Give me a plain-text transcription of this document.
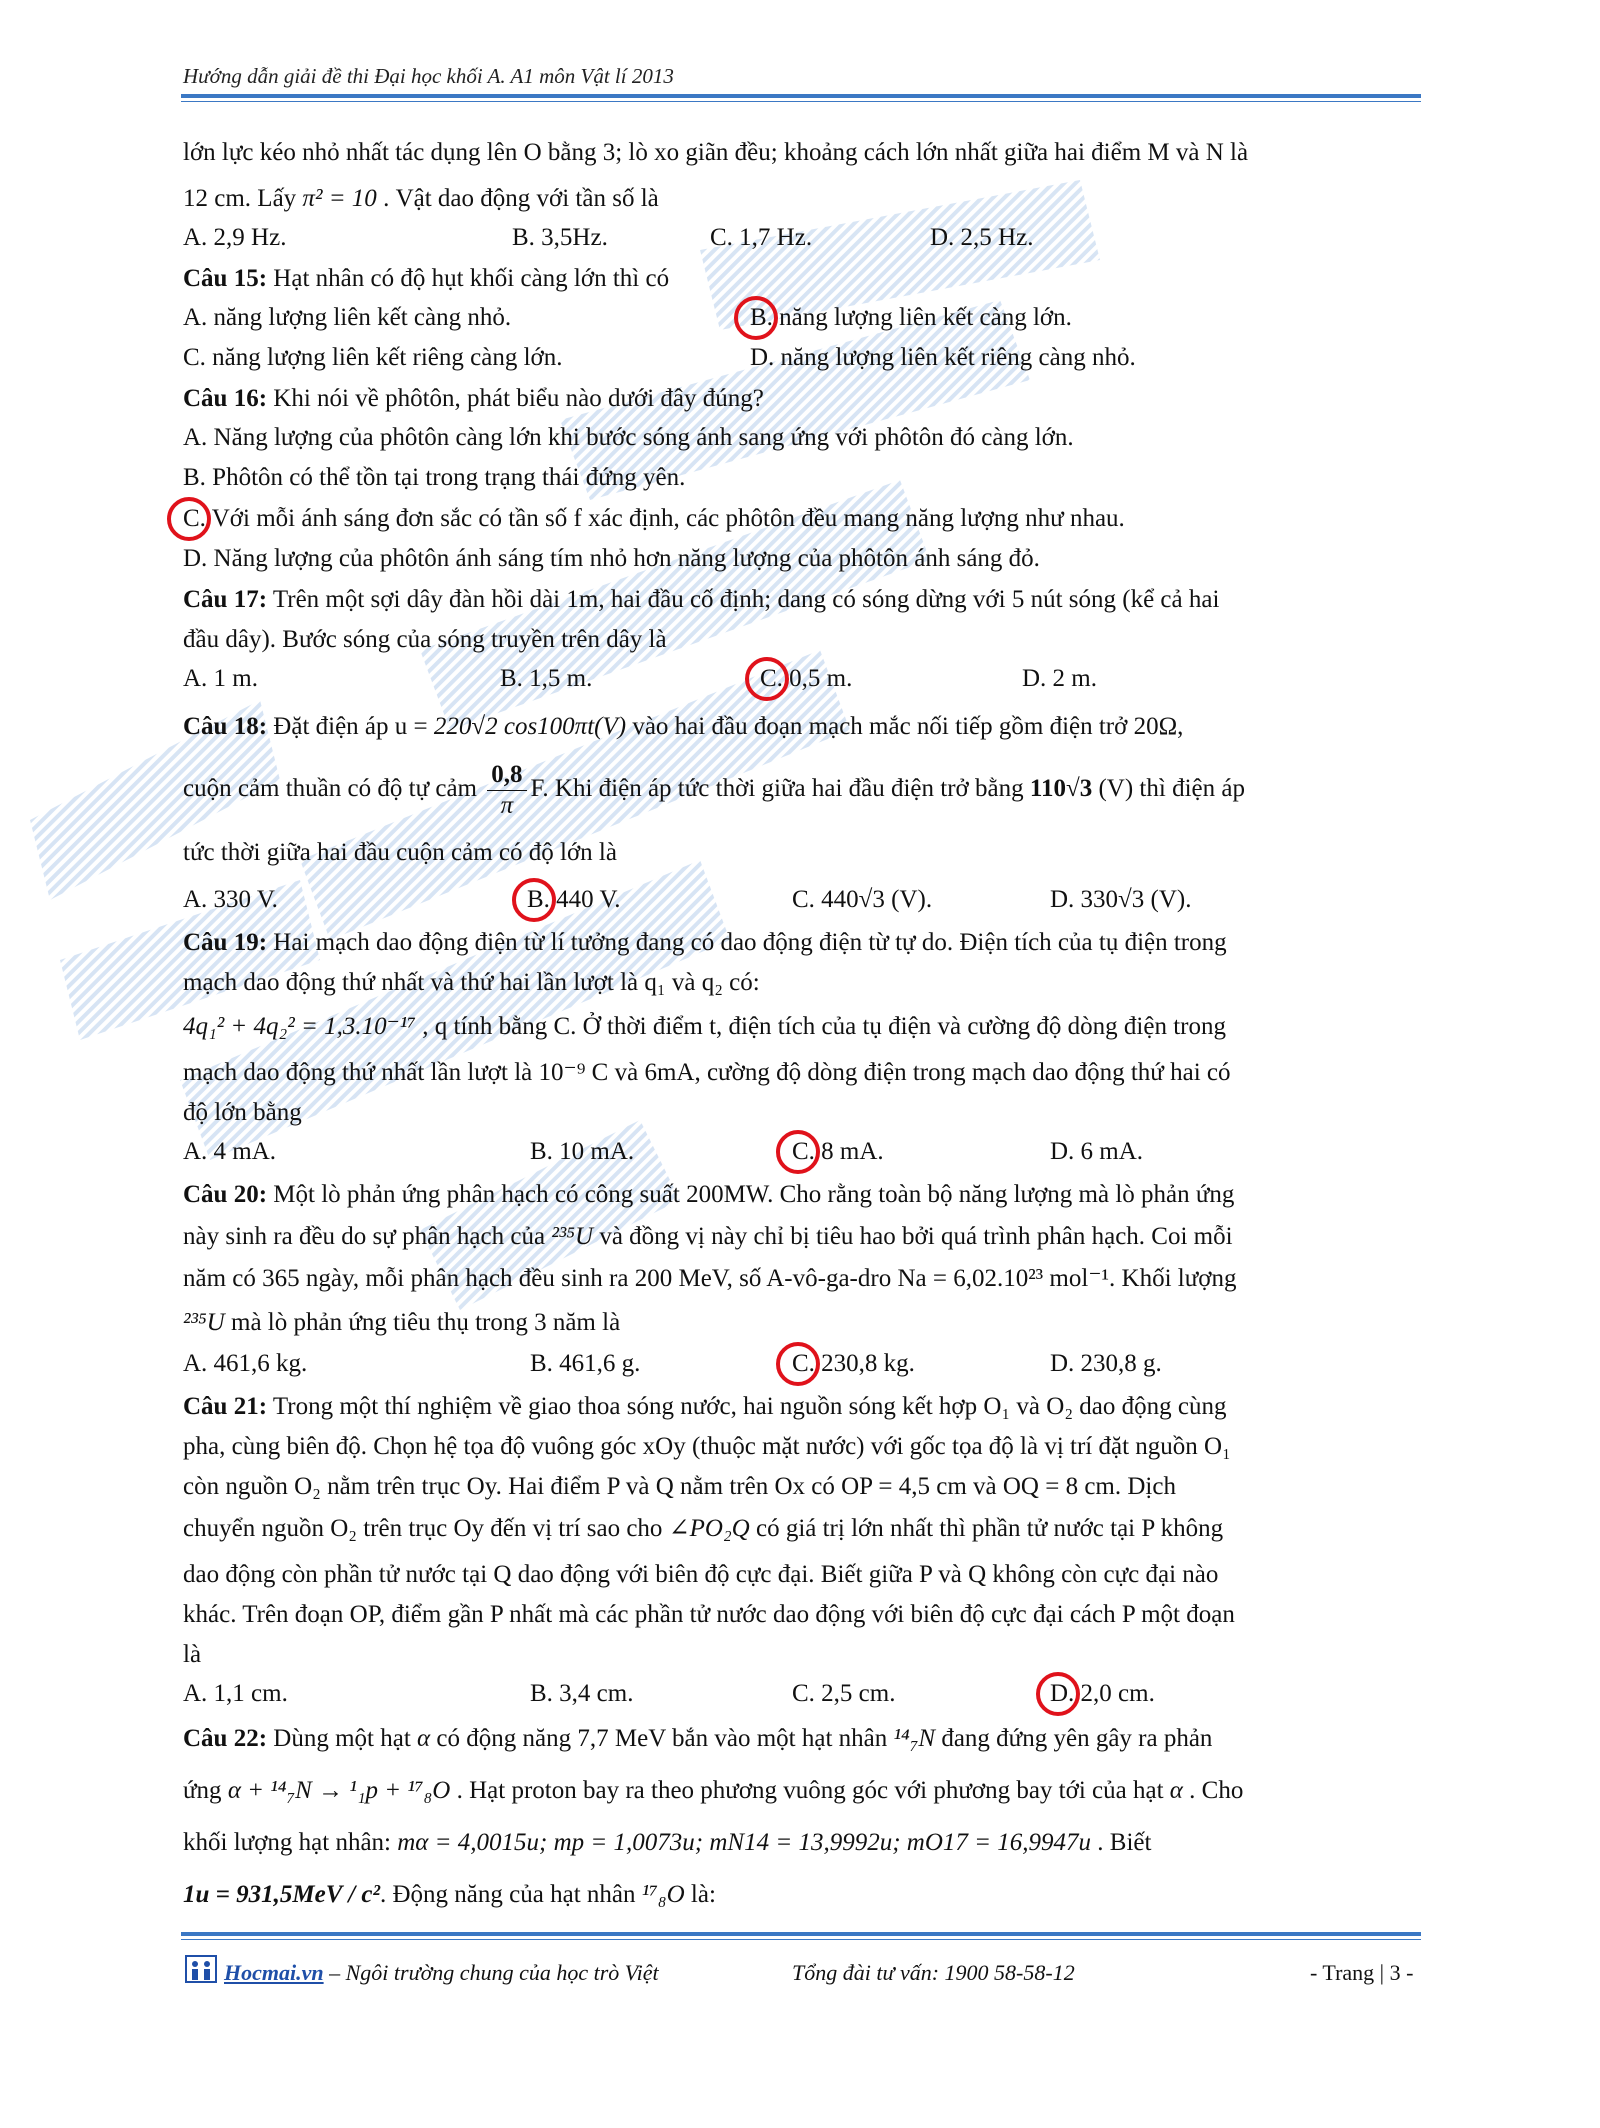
Hướng dẫn giải đề thi Đại học khối A. A1 môn Vật lí 2013
lớn lực kéo nhỏ nhất tác dụng lên O bằng 3; lò xo giãn đều; khoảng cách lớn nhất giữa hai điểm M và N là
12 cm. Lấy π² = 10 . Vật dao động với tần số là
A. 2,9 Hz.	B. 3,5Hz.	C. 1,7 Hz.	D. 2,5 Hz.
Câu 15: Hạt nhân có độ hụt khối càng lớn thì có
A. năng lượng liên kết càng nhỏ.	B. năng lượng liên kết càng lớn.
C. năng lượng liên kết riêng càng lớn.	D. năng lượng liên kết riêng càng nhỏ.
Câu 16: Khi nói về phôtôn, phát biểu nào dưới đây đúng?
A. Năng lượng của phôtôn càng lớn khi bước sóng ánh sang ứng với phôtôn đó càng lớn.
B. Phôtôn có thể tồn tại trong trạng thái đứng yên.
C. Với mỗi ánh sáng đơn sắc có tần số f xác định, các phôtôn đều mang năng lượng như nhau.
D. Năng lượng của phôtôn ánh sáng tím nhỏ hơn năng lượng của phôtôn ánh sáng đỏ.
Câu 17: Trên một sợi dây đàn hồi dài 1m, hai đầu cố định; dang có sóng dừng với 5 nút sóng (kể cả hai
đầu dây). Bước sóng của sóng truyền trên dây là
A. 1 m.	B. 1,5 m.	C. 0,5 m.	D. 2 m.
Câu 18: Đặt điện áp u = 220√2 cos100πt(V) vào hai đầu đoạn mạch mắc nối tiếp gồm điện trở 20Ω,
cuộn cảm thuần có độ tự cảm $\frac{0,8}{\pi} F$. Khi điện áp tức thời giữa hai đầu điện trở bằng 110√3 (V) thì điện áp
tức thời giữa hai đầu cuộn cảm có độ lớn là
A. 330 V.	B. 440 V.	C. 440√3 (V).	D. 330√3 (V).
Câu 19: Hai mạch dao động điện từ lí tưởng đang có dao động điện từ tự do. Điện tích của tụ điện trong
mạch dao động thứ nhất và thứ hai lần lượt là q₁ và q₂ có:
4q₁² + 4q₂² = 1,3.10⁻¹⁷ , q tính bằng C. Ở thời điểm t, điện tích của tụ điện và cường độ dòng điện trong
mạch dao động thứ nhất lần lượt là 10⁻⁹ C và 6mA, cường độ dòng điện trong mạch dao động thứ hai có
độ lớn bằng
A. 4 mA.	B. 10 mA.	C. 8 mA.	D. 6 mA.
Câu 20: Một lò phản ứng phân hạch có công suất 200MW. Cho rằng toàn bộ năng lượng mà lò phản ứng
này sinh ra đều do sự phân hạch của ²³⁵U và đồng vị này chỉ bị tiêu hao bởi quá trình phân hạch. Coi mỗi
năm có 365 ngày, mỗi phân hạch đều sinh ra 200 MeV, số A-vô-ga-dro Na = 6,02.10²³ mol⁻¹. Khối lượng
²³⁵U mà lò phản ứng tiêu thụ trong 3 năm là
A. 461,6 kg.	B. 461,6 g.	C. 230,8 kg.	D. 230,8 g.
Câu 21: Trong một thí nghiệm về giao thoa sóng nước, hai nguồn sóng kết hợp O₁ và O₂ dao động cùng
pha, cùng biên độ. Chọn hệ tọa độ vuông góc xOy (thuộc mặt nước) với gốc tọa độ là vị trí đặt nguồn O₁
còn nguồn O₂ nằm trên trục Oy. Hai điểm P và Q nằm trên Ox có OP = 4,5 cm và OQ = 8 cm. Dịch
chuyển nguồn O₂ trên trục Oy đến vị trí sao cho ∠PO₂Q có giá trị lớn nhất thì phần tử nước tại P không
dao động còn phần tử nước tại Q dao động với biên độ cực đại. Biết giữa P và Q không còn cực đại nào
khác. Trên đoạn OP, điểm gần P nhất mà các phần tử nước dao động với biên độ cực đại cách P một đoạn
là
A. 1,1 cm.	B. 3,4 cm.	C. 2,5 cm.	D. 2,0 cm.
Câu 22: Dùng một hạt α có động năng 7,7 MeV bắn vào một hạt nhân ¹⁴₇N đang đứng yên gây ra phản
ứng α + ¹⁴₇N → ¹₁p + ¹⁷₈O . Hạt proton bay ra theo phương vuông góc với phương bay tới của hạt α . Cho
khối lượng hạt nhân: mα = 4,0015u; mp = 1,0073u; mN14 = 13,9992u; mO17 = 16,9947u . Biết
1u = 931,5MeV / c². Động năng của hạt nhân ¹⁷₈O là:
Hocmai.vn – Ngôi trường chung của học trò Việt	Tổng đài tư vấn: 1900 58-58-12	- Trang | 3 -
